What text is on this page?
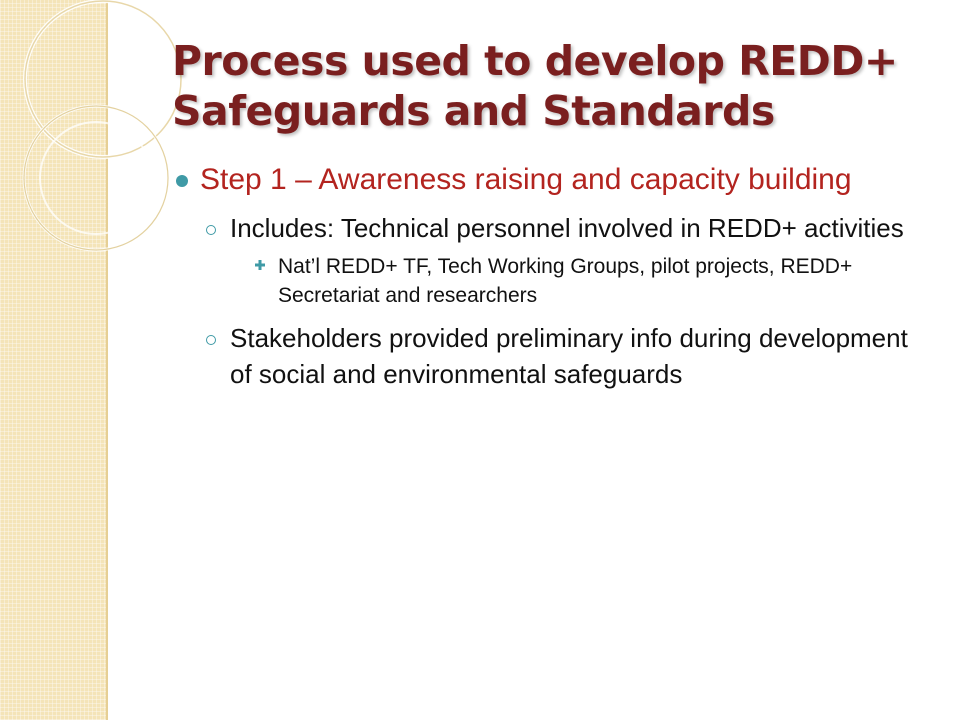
Process used to develop REDD+
Safeguards and Standards
Step 1 – Awareness raising and capacity building
Includes: Technical personnel involved in REDD+ activities
Nat’l REDD+ TF, Tech Working Groups, pilot projects, REDD+ Secretariat and researchers
Stakeholders provided preliminary info during development of social and environmental safeguards
